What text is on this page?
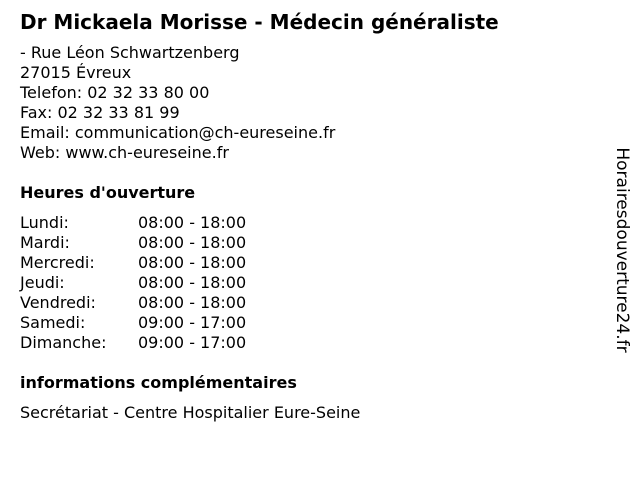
Dr Mickaela Morisse - Médecin généraliste
- Rue Léon Schwartzenberg
27015 Évreux
Telefon: 02 32 33 80 00
Fax: 02 32 33 81 99
Email: communication@ch-eureseine.fr
Web: www.ch-eureseine.fr
Heures d'ouverture
Lundi:	08:00 - 18:00
Mardi:	08:00 - 18:00
Mercredi:	08:00 - 18:00
Jeudi:	08:00 - 18:00
Vendredi:	08:00 - 18:00
Samedi:	09:00 - 17:00
Dimanche: 09:00 - 17:00
informations complémentaires
Secrétariat - Centre Hospitalier Eure-Seine
Horairesdouverture24.fr
